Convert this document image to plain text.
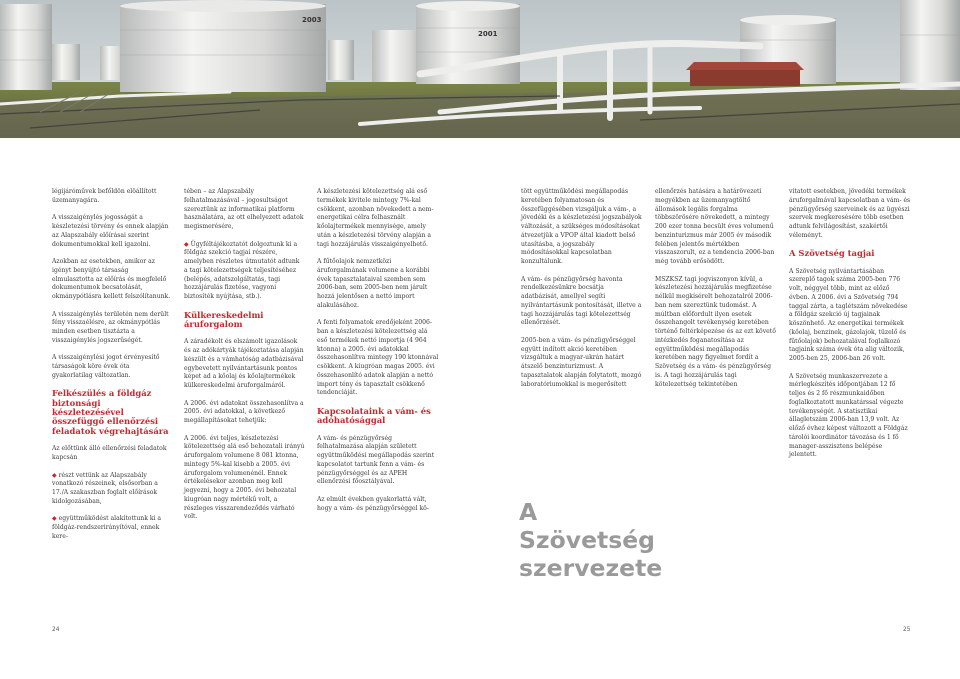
2003
2001

légijáróművek befőldön elöállított üzemanyagára.

A visszaigénylés jogosságát a készletezési törvény és ennek alapján az Alapszabály előírásai szerint dokumentumokkal kell igazolni.

Azokban az esetekben, amikor az igényt benyújtó társaság elmulasztotta az előírás és megfelelő dokumentumok becsatolását, okmánypótlásra kellett felszólítanunk.

A visszaigénylés területén nem derült fény visszaélésre, az okmánypótlás minden esetben tisztázta a visszaigénylés jogszerűségét.

A visszaigénylési jogot érvényesítő társaságok köre évek óta gyakorlatilag változatlan.

Felkészülés a földgáz biztonsági készletezésével összefüggő ellenőrzési feladatok végrehajtására

Az előttünk álló ellenőrzési feladatok kapcsán

◆ részt vettünk az Alapszabály vonatkozó részeinek, elsősorban a 17./A szakaszban foglalt előírások kidolgozásában,

◆ együttműködést alakítottunk ki a földgáz-rendszerirányítóval, ennek kere-

tében – az Alapszabály felhatalmazásával – jogosultságot szereztünk az informatikai platform használatára, az ott elhelyezett adatok megismerésére,

◆ Ügyféltájékoztatót dolgoztunk ki a földgáz szekció tagjai részére, amelyben részletes útmutatót adtunk a tagi kötelezettségek teljesítéséhez (belépés, adatszolgáltatás, tagi hozzájárulás fizetése, vagyoni biztosíték nyújtása, stb.).

Külkereskedelmi áruforgalom

A záradékolt és elszámolt igazolások és az adókártyák tájékoztatása alapján készült és a vámhatóság adatbázisával egybevetett nyilvántartásunk pontos képet ad a kőolaj és kőolajtermékek külkereskedelmi áruforgalmáról.

A 2006. évi adatokat összehasonlítva a 2005. évi adatokkal, a következő megállapításokat tehetjük:

A 2006. évi teljes, készletezési kötelezettség alá eső behozatali irányú áruforgalom volumene 8 081 ktonna, mintegy 5%-kal kisebb a 2005. évi áruforgalom volumenénél. Ennek értékelésekor azonban meg kell jegyezni, hogy a 2005. évi behozatal kiugróan nagy mértékű volt, a részleges visszarendeződés várható volt.

A készletezési kötelezettség alá eső termékek kivitele mintegy 7%-kal csökkent, azonban növekedett a nem-energetikai célra felhasznált kőolajtermékek mennyisége, amely után a készletezési törvény alapján a tagi hozzájárulás visszaigényelhető.

A fűtőolajok nemzetközi áruforgalmának volumene a korábbi évek tapasztalataival szemben sem 2006-ban, sem 2005-ben nem járult hozzá jelentősen a nettó import alakulásához.

A fenti folyamatok eredőjeként 2006-ban a készletezési kötelezettség alá eső termékek nettó importja (4 964 ktonna) a 2005. évi adatokkal összehasonlítva mintegy 190 ktonnával csökkent. A kiugróan magas 2005. évi összehasonlító adatok alapján a nettó import tény és tapasztalt csökkenő tendenciáját.

Kapcsolataink a vám- és adóhatósággal

A vám- és pénzügyőrség felhatalmazása alapján született együttműködési megállapodás szerint kapcsolatot tartunk fenn a vám- és pénzügyőrséggel és az APEH ellenőrzési főosztályával.

Az elmúlt években gyakorlattá vált, hogy a vám- és pénzügyőrséggel kö-

tött együttműködési megállapodás keretében folyamatosan és összefüggésében vizsgáljuk a vám-, a jövedéki és a készletezési jogszabályok változását, a szükséges módosításokat átvezetjük a VPOP által kiadott belső utasításba, a jogszabály módosításokkal kapcsolatban konzultálunk.

A vám- és pénzügyőrség havonta rendelkezésünkre bocsátja adatbázisát, amellyel segíti nyilvántartásunk pontosítását, illetve a tagi hozzájárulás tagi kötelezettség ellenőrzését.

2005-ben a vám- és pénzügyőrséggel együtt indított akció keretében vizsgáltuk a magyar-ukrán határt átszelő benzinturizmust. A tapasztalatok alapján folytatott, mozgó laboratóriumokkal is megerősített

ellenőrzés hatására a határövezeti megyékben az üzemanyagtöltő állomások legális forgalma többszörösére növekedett, a mintegy 200 ezer tonna becsült éves volumenű benzinturizmus már 2005 év második felében jelentős mértékben visszaszorult, ez a tendencia 2006-ban még tovább erősödött.

MSZKSZ tagi jogviszonyon kívül, a készletezési hozzájárulás megfizetése nélkül megkísérelt behozatalról 2006-ban nem szereztünk tudomást. A múltban előfordult ilyen esetek összehangolt tevékenység keretében történő feltérképezése és az ezt követő intézkedés foganatosítása az együttműködési megállapodás keretében nagy figyelmet fordít a Szövetség és a vám- és pénzügyőrség is. A tagi hozzájárulás tagi kötelezettség tekintetében

vitatott esetekben, jövedéki termékek áruforgalmával kapcsolatban a vám- és pénzügyőrség szerveinek és az ügyészi szervek megkeresésére több esetben adtunk felvilágosítást, szakértői véleményt.

A Szövetség tagjai

A Szövetség nyilvántartásában szereplő tagok száma 2005-ben 776 volt, néggyel több, mint az előző évben. A 2006. évi a Szövetség 794 taggal zárta, a taglétszám növekedése a földgáz szekció új tagjainak köszönhető. Az energetikai termékek (kőolaj, benzinek, gázolajok, tüzelő és fűtőolajok) behozatalával foglalkozó tagjaink száma évek óta alig változik, 2005-ben 25, 2006-ban 26 volt.

A Szövetség munkaszervezete a mérlegkészítés időpontjában 12 fő teljes és 2 fő részmunkaidőben foglalkoztatott munkatárssal végezte tevékenységét. A statisztikai állagletszám 2006-ban 13,9 volt. Az előző évhez képest változott a Földgáz tárolói koordinátor távozása és 1 fő manager-asszisztens belépése jelentett.

A Szövetség szervezete
24	25
